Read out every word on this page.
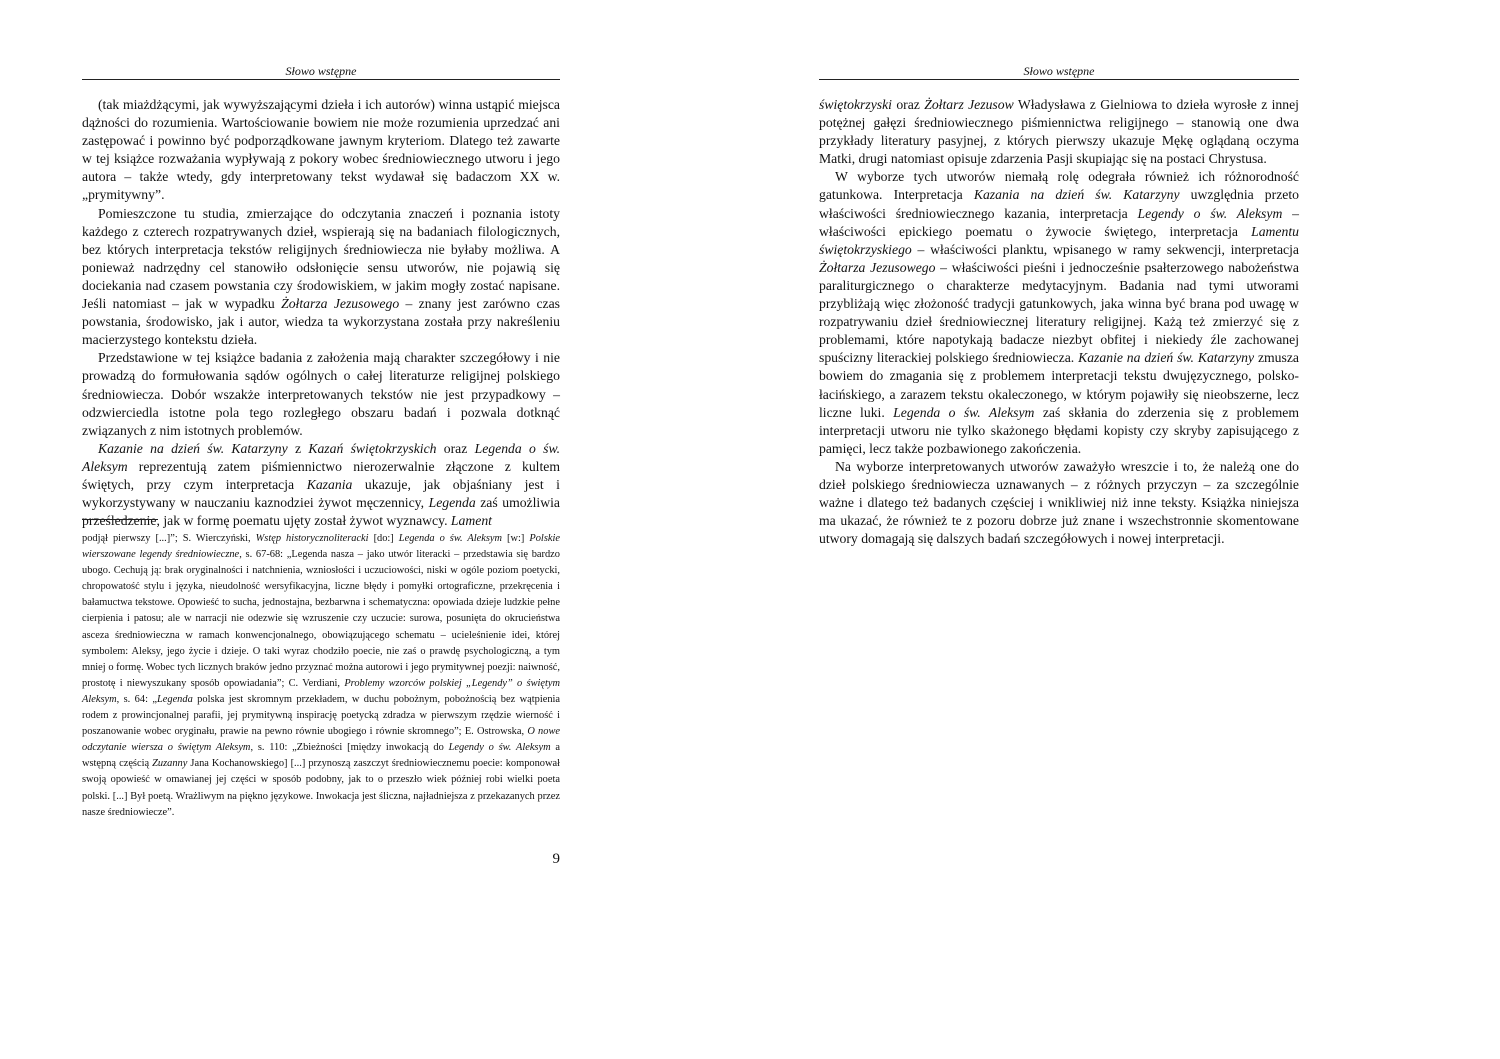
Słowo wstępne

(tak miażdżącymi, jak wywyższającymi dzieła i ich autorów) winna ustąpić miejsca dążności do rozumienia. Wartościowanie bowiem nie może rozumienia uprzedzać ani zastępować i powinno być podporządkowane jawnym kryteriom. Dlatego też zawarte w tej książce rozważania wypływają z pokory wobec średniowiecznego utworu i jego autora – także wtedy, gdy interpretowany tekst wydawał się badaczom XX w. „prymitywny”.

Pomieszczone tu studia, zmierzające do odczytania znaczeń i poznania istoty każdego z czterech rozpatrywanych dzieł, wspierają się na badaniach filologicznych, bez których interpretacja tekstów religijnych średniowiecza nie byłaby możliwa. A ponieważ nadrzędny cel stanowiło odsłonięcie sensu utworów, nie pojawią się dociekania nad czasem powstania czy środowiskiem, w jakim mogły zostać napisane. Jeśli natomiast – jak w wypadku Żołtarza Jezusowego – znany jest zarówno czas powstania, środowisko, jak i autor, wiedza ta wykorzystana została przy nakreśleniu macierzystego kontekstu dzieła.

Przedstawione w tej książce badania z założenia mają charakter szczegółowy i nie prowadzą do formułowania sądów ogólnych o całej literaturze religijnej polskiego średniowiecza. Dobór wszakże interpretowanych tekstów nie jest przypadkowy – odzwierciedla istotne pola tego rozległego obszaru badań i pozwala dotknąć związanych z nim istotnych problemów.

Kazanie na dzień św. Katarzyny z Kazań świętokrzyskich oraz Legenda o św. Aleksym reprezentują zatem piśmiennictwo nierozerwalnie złączone z kultem świętych, przy czym interpretacja Kazania ukazuje, jak objaśniany jest i wykorzystywany w nauczaniu kaznodziei żywot męczennicy, Legenda zaś umożliwia prześledzenie, jak w formę poematu ujęty został żywot wyznawcy. Lament

podjął pierwszy [...]”; S. Wierczyński, Wstęp historycznoliteracki [do:] Legenda o św. Aleksym [w:] Polskie wierszowane legendy średniowieczne, s. 67-68: „Legenda nasza – jako utwór literacki – przedstawia się bardzo ubogo. Cechują ją: brak oryginalności i natchnienia, wzniosłości i uczuciowości, niski w ogóle poziom poetycki, chropowatość stylu i języka, nieudolność wersyfikacyjna, liczne błędy i pomyłki ortograficzne, przekręcenia i bałamuctwa tekstowe. Opowieść to sucha, jednostajna, bezbarwna i schematyczna: opowiada dzieje ludzkie pełne cierpienia i patosu; ale w narracji nie odezwie się wzruszenie czy uczucie: surowa, posunięta do okrucieństwa asceza średniowieczna w ramach konwencjonalnego, obowiązującego schematu – ucieleśnienie idei, której symbolem: Aleksy, jego życie i dzieje. O taki wyraz chodziło poecie, nie zaś o prawdę psychologiczną, a tym mniej o formę. Wobec tych licznych braków jedno przyznać można autorowi i jego prymitywnej poezji: naiwność, prostotę i niewyszukany sposób opowiadania”; C. Verdiani, Problemy wzorców polskiej „Legendy” o świętym Aleksym, s. 64: „Legenda polska jest skromnym przekładem, w duchu pobożnym, pobożnością bez wątpienia rodem z prowincjonalnej parafii, jej prymitywną inspirację poetycką zdradza w pierwszym rzędzie wierność i poszanowanie wobec oryginału, prawie na pewno równie ubogiego i równie skromnego”; E. Ostrowska, O nowe odczytanie wiersza o świętym Aleksym, s. 110: „Zbieżności [między inwokacją do Legendy o św. Aleksym a wstępną częścią Zuzanny Jana Kochanowskiego] [...] przynoszą zaszczyt średniowiecznemu poecie: komponował swoją opowieść w omawianej jej części w sposób podobny, jak to o przeszło wiek później robi wielki poeta polski. [...] Był poetą. Wrażliwym na piękno językowe. Inwokacja jest śliczna, najładniejsza z przekazanych przez nasze średniowiecze”.
9
Słowo wstępne

świętokrzyski oraz Żołtarz Jezusow Władysława z Gielniowa to dzieła wyrosłe z innej potężnej gałęzi średniowiecznego piśmiennictwa religijnego – stanowią one dwa przykłady literatury pasyjnej, z których pierwszy ukazuje Mękę oglądaną oczyma Matki, drugi natomiast opisuje zdarzenia Pasji skupiając się na postaci Chrystusa.

W wyborze tych utworów niemałą rolę odegrała również ich różnorodność gatunkowa. Interpretacja Kazania na dzień św. Katarzyny uwzględnia przeto właściwości średniowiecznego kazania, interpretacja Legendy o św. Aleksym – właściwości epickiego poematu o żywocie świętego, interpretacja Lamentu świętokrzyskiego – właściwości planktu, wpisanego w ramy sekwencji, interpretacja Żołtarza Jezusowego – właściwości pieśni i jednocześnie psałterzowego nabożeństwa paraliturgicznego o charakterze medytacyjnym. Badania nad tymi utworami przybliżają więc złożoność tradycji gatunkowych, jaka winna być brana pod uwagę w rozpatrywaniu dzieł średniowiecznej literatury religijnej. Każą też zmierzyć się z problemami, które napotykają badacze niezbyt obfitej i niekiedy źle zachowanej spuścizny literackiej polskiego średniowiecza. Kazanie na dzień św. Katarzyny zmusza bowiem do zmagania się z problemem interpretacji tekstu dwujęzycznego, polsko-łacińskiego, a zarazem tekstu okaleczonego, w którym pojawiły się nieobszerne, lecz liczne luki. Legenda o św. Aleksym zaś skłania do zderzenia się z problemem interpretacji utworu nie tylko skażonego błędami kopisty czy skryby zapisującego z pamięci, lecz także pozbawionego zakończenia.

Na wyborze interpretowanych utworów zaważyło wreszcie i to, że należą one do dzieł polskiego średniowiecza uznawanych – z różnych przyczyn – za szczególnie ważne i dlatego też badanych częściej i wnikliwiej niż inne teksty. Książka niniejsza ma ukazać, że również te z pozoru dobrze już znane i wszechstronnie skomentowane utwory domagają się dalszych badań szczegółowych i nowej interpretacji.
